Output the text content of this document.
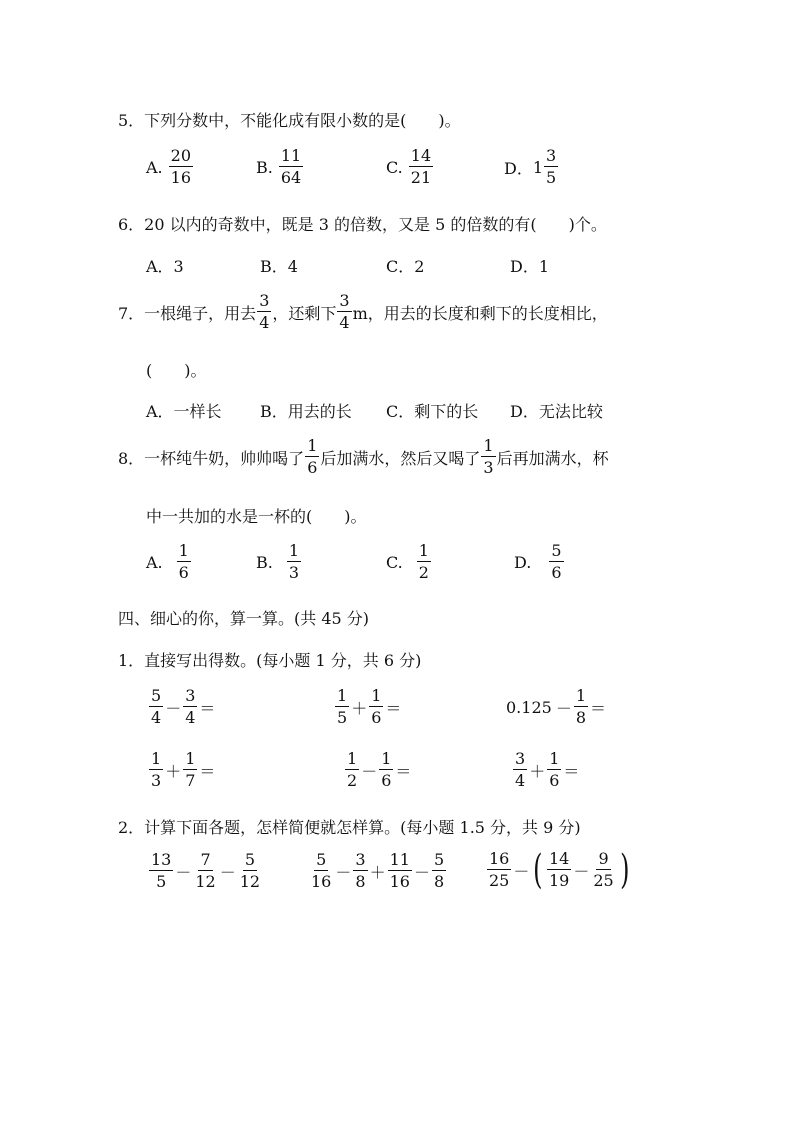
5．下列分数中，不能化成有限小数的是(　　)。
A. $\frac{20}{16}$	B. $\frac{11}{64}$	C. $\frac{14}{21}$	D． $1 \frac{3}{5}$
6．20 以内的奇数中，既是 3 的倍数，又是 5 的倍数的有(　　)个。
A．3	B．4	C．2	D．1
7．一根绳子，用去 $\frac{3}{4}$ ，还剩下 $\frac{3}{4}$ m，用去的长度和剩下的长度相比，
(　　)。
A．一样长 B．用去的长 C．剩下的长 D．无法比较
8．一杯纯牛奶，帅帅喝了 $\frac{1}{6}$ 后加满水，然后又喝了 $\frac{1}{3}$ 后再加满水，杯
中一共加的水是一杯的(　　)。
A. $\frac{1}{6}$	B. $\frac{1}{3}$	C. $\frac{1}{2}$	D. $\frac{5}{6}$
四、细心的你，算一算。(共 45 分)
1．直接写出得数。(每小题 1 分，共 6 分)
$\frac{5}{4} - \frac{3}{4}$ ＝	$\frac{1}{5} + \frac{1}{6}$ ＝	$0.125 - \frac{1}{8}$ ＝
$\frac{1}{3} + \frac{1}{7}$ ＝	$\frac{1}{2} - \frac{1}{6}$ ＝	$\frac{3}{4} + \frac{1}{6}$ ＝
2．计算下面各题，怎样简便就怎样算。(每小题 1.5 分，共 9 分)
$\frac{13}{5} - \frac{7}{12} - \frac{5}{12}$	$\frac{5}{16} - \frac{3}{8} + \frac{11}{16} - \frac{5}{8}$	$\frac{16}{25}$ － ( $\frac{14}{19} - \frac{9}{25}$ )
